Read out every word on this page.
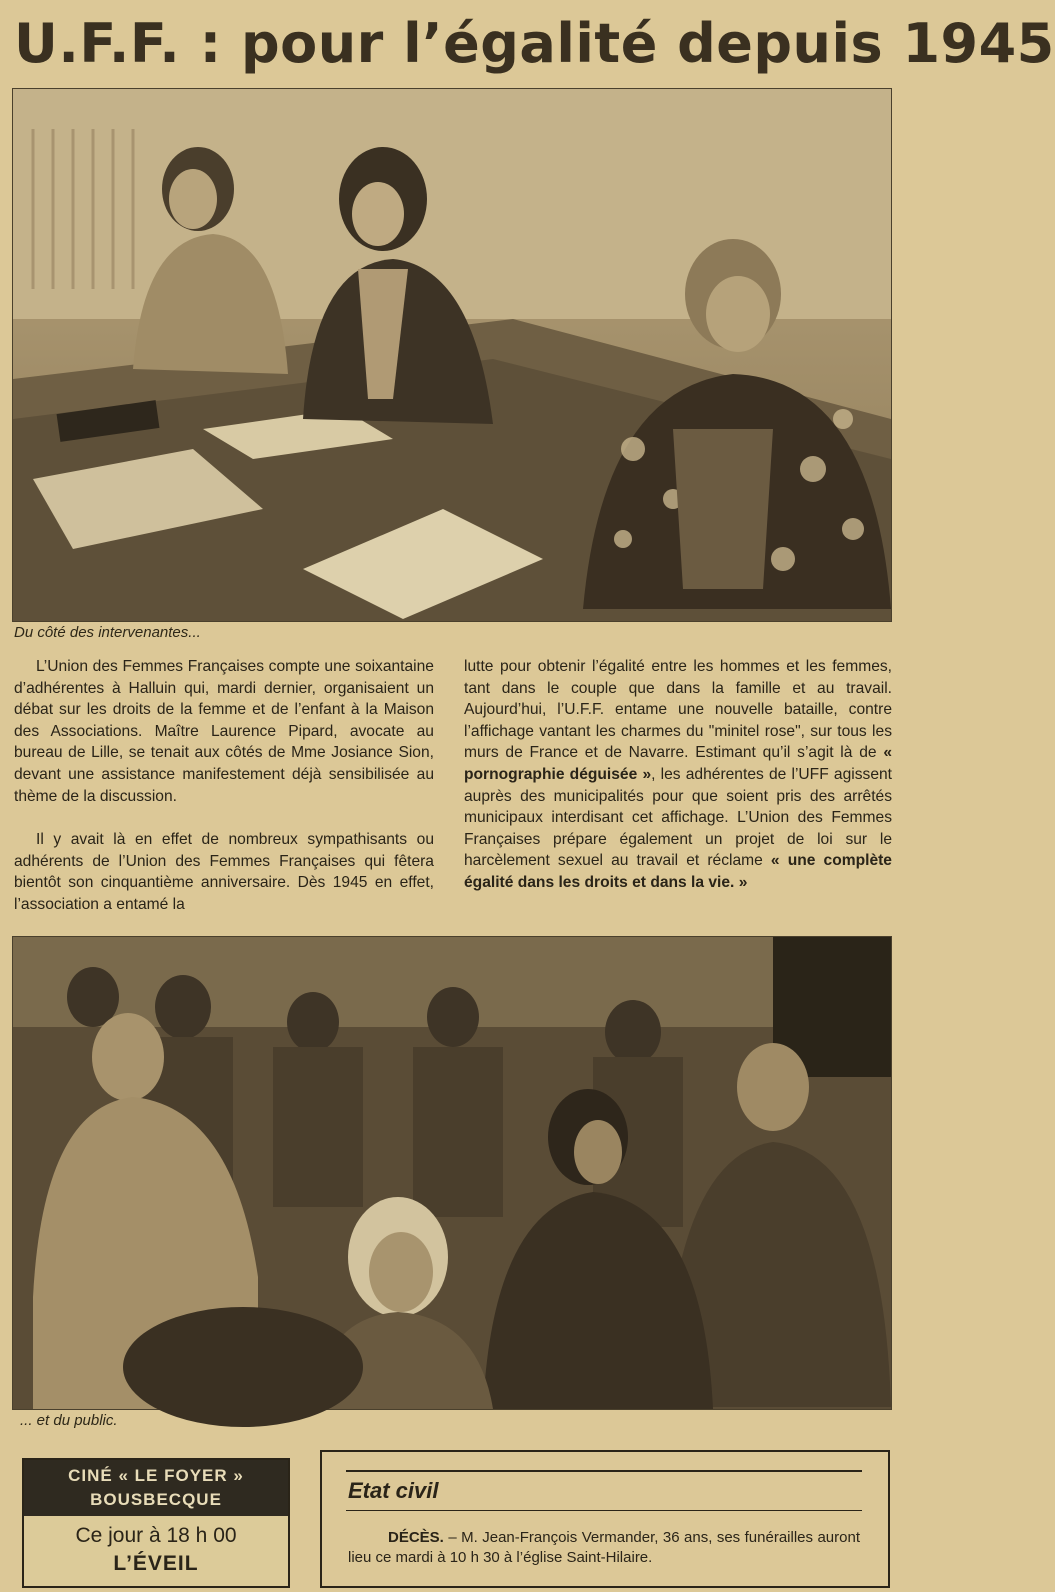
U.F.F. : pour l’égalité depuis 1945
Du côté des intervenantes...

L’Union des Femmes Françaises compte une soixantaine d’adhérentes à Halluin qui, mardi dernier, organisaient un débat sur les droits de la femme et de l’enfant à la Maison des Associations. Maître Laurence Pipard, avocate au bureau de Lille, se tenait aux côtés de Mme Josiance Sion, devant une assistance manifestement déjà sensibilisée au thème de la discussion.

Il y avait là en effet de nombreux sympathisants ou adhérents de l’Union des Femmes Françaises qui fêtera bientôt son cinquantième anniversaire. Dès 1945 en effet, l’association a entamé la

lutte pour obtenir l’égalité entre les hommes et les femmes, tant dans le couple que dans la famille et au travail. Aujourd’hui, l’U.F.F. entame une nouvelle bataille, contre l’affichage vantant les charmes du "minitel rose", sur tous les murs de France et de Navarre. Estimant qu’il s’agit là de « pornographie déguisée », les adhérentes de l’UFF agissent auprès des municipalités pour que soient pris des arrêtés municipaux interdisant cet affichage. L’Union des Femmes Françaises prépare également un projet de loi sur le harcèlement sexuel au travail et réclame « une complète égalité dans les droits et dans la vie. »

... et du public.
CINÉ « LE FOYER »
BOUSBECQUE
Ce jour à 18 h 00
L’ÉVEIL
Etat civil
DÉCÈS. – M. Jean-François Vermander, 36 ans, ses funérailles auront lieu ce mardi à 10 h 30 à l’église Saint-Hilaire.
